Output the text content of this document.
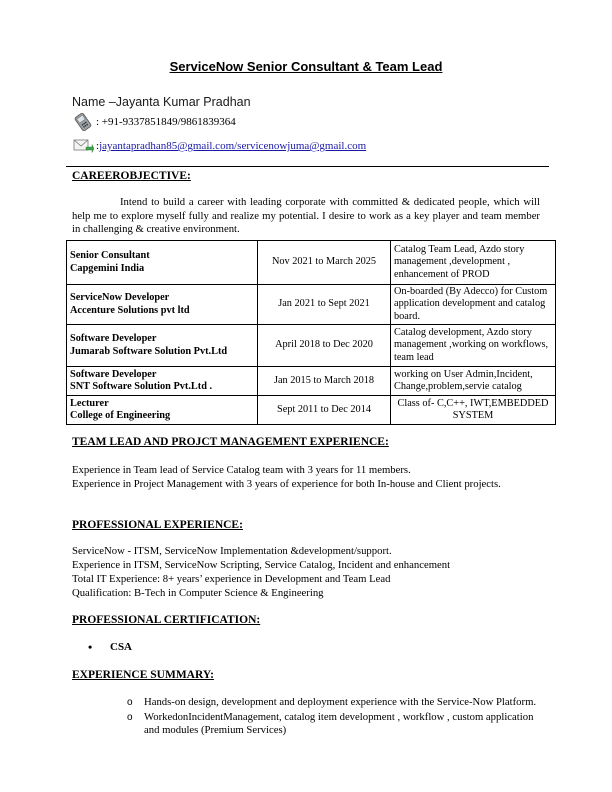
ServiceNow Senior Consultant & Team Lead
Name –Jayanta Kumar Pradhan
: +91-9337851849/9861839364
: jayantapradhan85@gmail.com/servicenowjuma@gmail.com
CAREEROBJECTIVE:
Intend to build a career with leading corporate with committed & dedicated people, which will help me to explore myself fully and realize my potential. I desire to work as a key player and team member in challenging & creative environment.
Senior Consultant
Capgemini India	Nov 2021 to March 2025	Catalog Team Lead, Azdo story management ,development , enhancement of PROD

ServiceNow Developer
Accenture Solutions pvt ltd	Jan 2021 to Sept 2021	On-boarded (By Adecco) for Custom application development and catalog board.

Software Developer
Jumarab Software Solution Pvt.Ltd	April 2018 to Dec 2020	Catalog development, Azdo story management ,working on workflows, team lead

Software Developer
SNT Software Solution Pvt.Ltd .	Jan 2015 to March 2018	working on User Admin,Incident, Change,problem,servie catalog

Lecturer
College of Engineering	Sept 2011 to Dec 2014	Class of- C,C++, IWT,EMBEDDED SYSTEM
TEAM LEAD AND PROJCT MANAGEMENT EXPERIENCE:
Experience in Team lead of Service Catalog team with 3 years for 11 members.
Experience in Project Management with 3 years of experience for both In-house and Client projects.
PROFESSIONAL EXPERIENCE:
ServiceNow - ITSM, ServiceNow Implementation &development/support.
Experience in ITSM, ServiceNow Scripting, Service Catalog, Incident and enhancement
Total IT Experience: 8+ years’ experience in Development and Team Lead
Qualification: B-Tech in Computer Science & Engineering
PROFESSIONAL CERTIFICATION:
• CSA
EXPERIENCE SUMMARY:
o Hands-on design, development and deployment experience with the Service-Now Platform.
o WorkedonIncidentManagement, catalog item development , workflow , custom application and modules (Premium Services)
